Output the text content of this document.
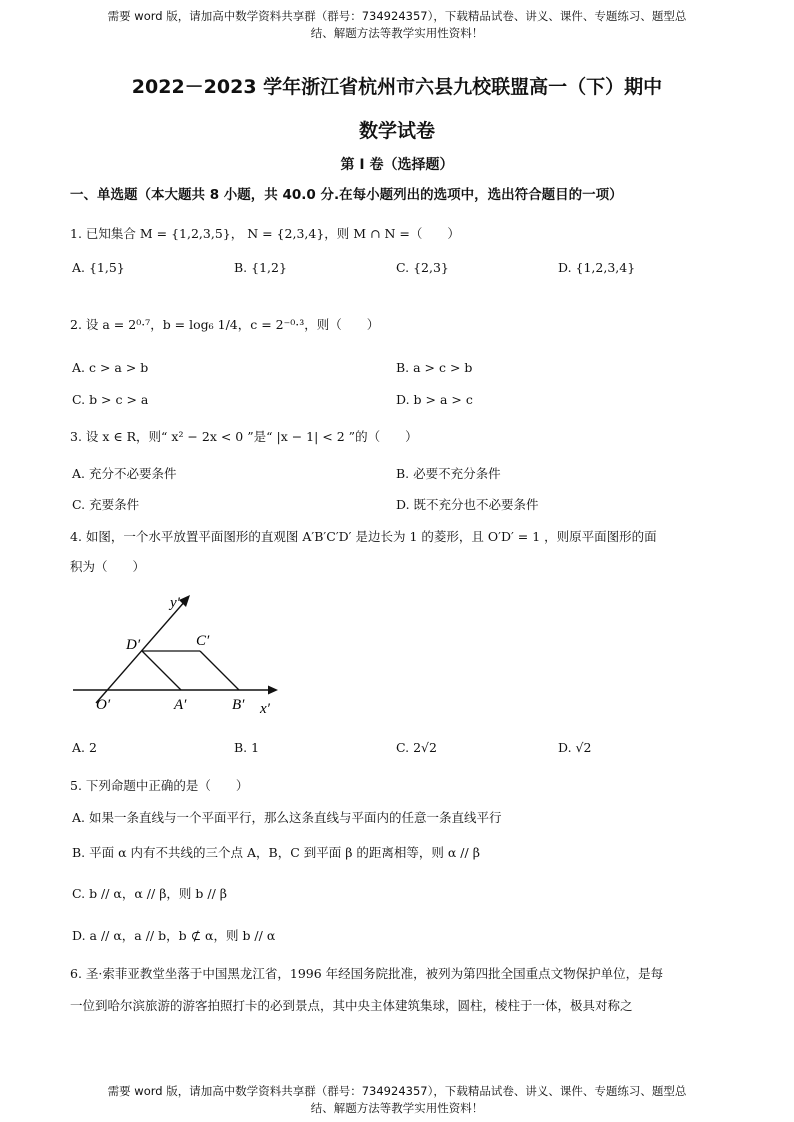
需要 word 版，请加高中数学资料共享群（群号：734924357），下载精品试卷、讲义、课件、专题练习、题型总
结、解题方法等教学实用性资料！
2022－2023 学年浙江省杭州市六县九校联盟高一（下）期中
数学试卷
第 I 卷（选择题）
一、单选题（本大题共 8 小题，共 40.0 分.在每小题列出的选项中，选出符合题目的一项）
1. 已知集合 M = {1,2,3,5}， N = {2,3,4}，则 M ∩ N =（　　）
A. {1,5}	B. {1,2}	C. {2,3}	D. {1,2,3,4}
2. 设 a = 2⁰·⁷，b = log₆ 1/4，c = 2⁻⁰·³，则（　　）
A. c > a > b	B. a > c > b
C. b > c > a	D. b > a > c
3. 设 x ∈ R，则“ x² − 2x < 0 ”是“ |x − 1| < 2 ”的（　　）
A. 充分不必要条件	B. 必要不充分条件
C. 充要条件	D. 既不充分也不必要条件
4. 如图，一个水平放置平面图形的直观图 A′B′C′D′ 是边长为 1 的菱形，且 O′D′ = 1 ，则原平面图形的面
积为（　　）
y′
x′
O′	A′	B′
C′
D′
A. 2	B. 1	C. 2√2	D. √2
5. 下列命题中正确的是（　　）
A. 如果一条直线与一个平面平行，那么这条直线与平面内的任意一条直线平行
B. 平面 α 内有不共线的三个点 A，B，C 到平面 β 的距离相等，则 α // β
C. b // α，α // β，则 b // β
D. a // α，a // b，b ⊄ α，则 b // α
6. 圣·索菲亚教堂坐落于中国黑龙江省，1996 年经国务院批准，被列为第四批全国重点文物保护单位，是每
一位到哈尔滨旅游的游客拍照打卡的必到景点，其中央主体建筑集球，圆柱，棱柱于一体，极具对称之
需要 word 版，请加高中数学资料共享群（群号：734924357），下载精品试卷、讲义、课件、专题练习、题型总
结、解题方法等教学实用性资料！
